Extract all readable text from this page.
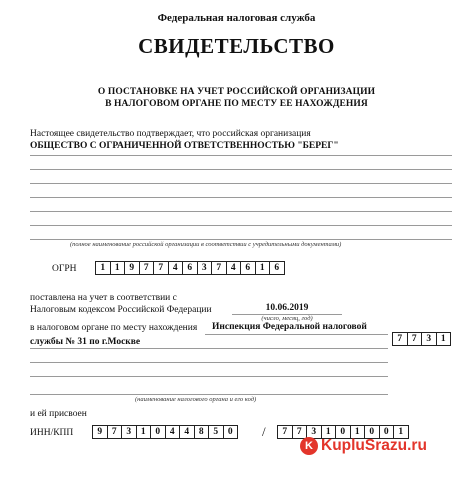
Федеральная налоговая служба
СВИДЕТЕЛЬСТВО
О ПОСТАНОВКЕ НА УЧЕТ РОССИЙСКОЙ ОРГАНИЗАЦИИ
В НАЛОГОВОМ ОРГАНЕ ПО МЕСТУ ЕЕ НАХОЖДЕНИЯ
Настоящее свидетельство подтверждает, что российская организация
ОБЩЕСТВО С ОГРАНИЧЕННОЙ ОТВЕТСТВЕННОСТЬЮ "БЕРЕГ"
(полное наименование российской организации в соответствии с учредительными документами)
ОГРН	1	1	9	7	7	4	6	3	7	4	6	1	6
поставлена на учет в соответствии с
Налоговым кодексом Российской Федерации	10.06.2019
(число, месяц, год)
в налоговом органе по месту нахождения Инспекция Федеральной налоговой
7	7	3	1
службы № 31 по г.Москве
(наименование налогового органа и его код)
и ей присвоен
ИНН/КПП	9	7	3	1	0	4	4	8	5	0	/	7	7	3	1	0	1	0	0	1
K KupluSrazu.ru
